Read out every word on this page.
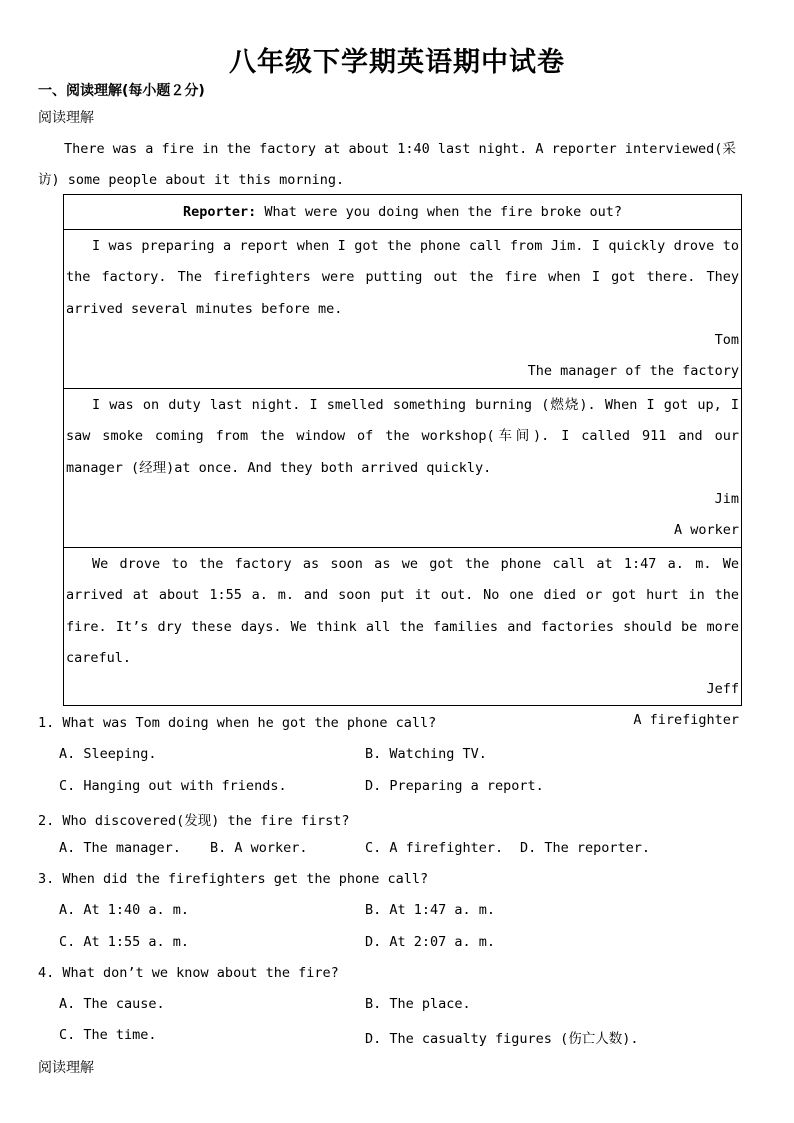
八年级下学期英语期中试卷
一、阅读理解(每小题２分)
阅读理解
There was a fire in the factory at about 1:40 last night. A reporter interviewed(采访) some people about it this morning.
Reporter: What were you doing when the fire broke out?
I was preparing a report when I got the phone call from Jim. I quickly drove to the factory. The firefighters were putting out the fire when I got there. They arrived several minutes before me.
Tom
The manager of the factory
I was on duty last night. I smelled something burning (燃烧). When I got up, I saw smoke coming from the window of the workshop(车间). I called 911 and our manager (经理)at once. And they both arrived quickly.
Jim
A worker
We drove to the factory as soon as we got the phone call at 1:47 a. m. We arrived at about 1:55 a. m. and soon put it out. No one died or got hurt in the fire. It’s dry these days. We think all the families and factories should be more careful.
Jeff
A firefighter
1. What was Tom doing when he got the phone call?
A. Sleeping.	B. Watching TV.
C. Hanging out with friends.	D. Preparing a report.
2. Who discovered(发现) the fire first?
A. The manager. B. A worker.	C. A firefighter. D. The reporter.
3. When did the firefighters get the phone call?
A. At 1:40 a. m.	B. At 1:47 a. m.
C. At 1:55 a. m.	D. At 2:07 a. m.
4. What don’t we know about the fire?
A. The cause.	B. The place.
C. The time.	D. The casualty figures (伤亡人数).
阅读理解
